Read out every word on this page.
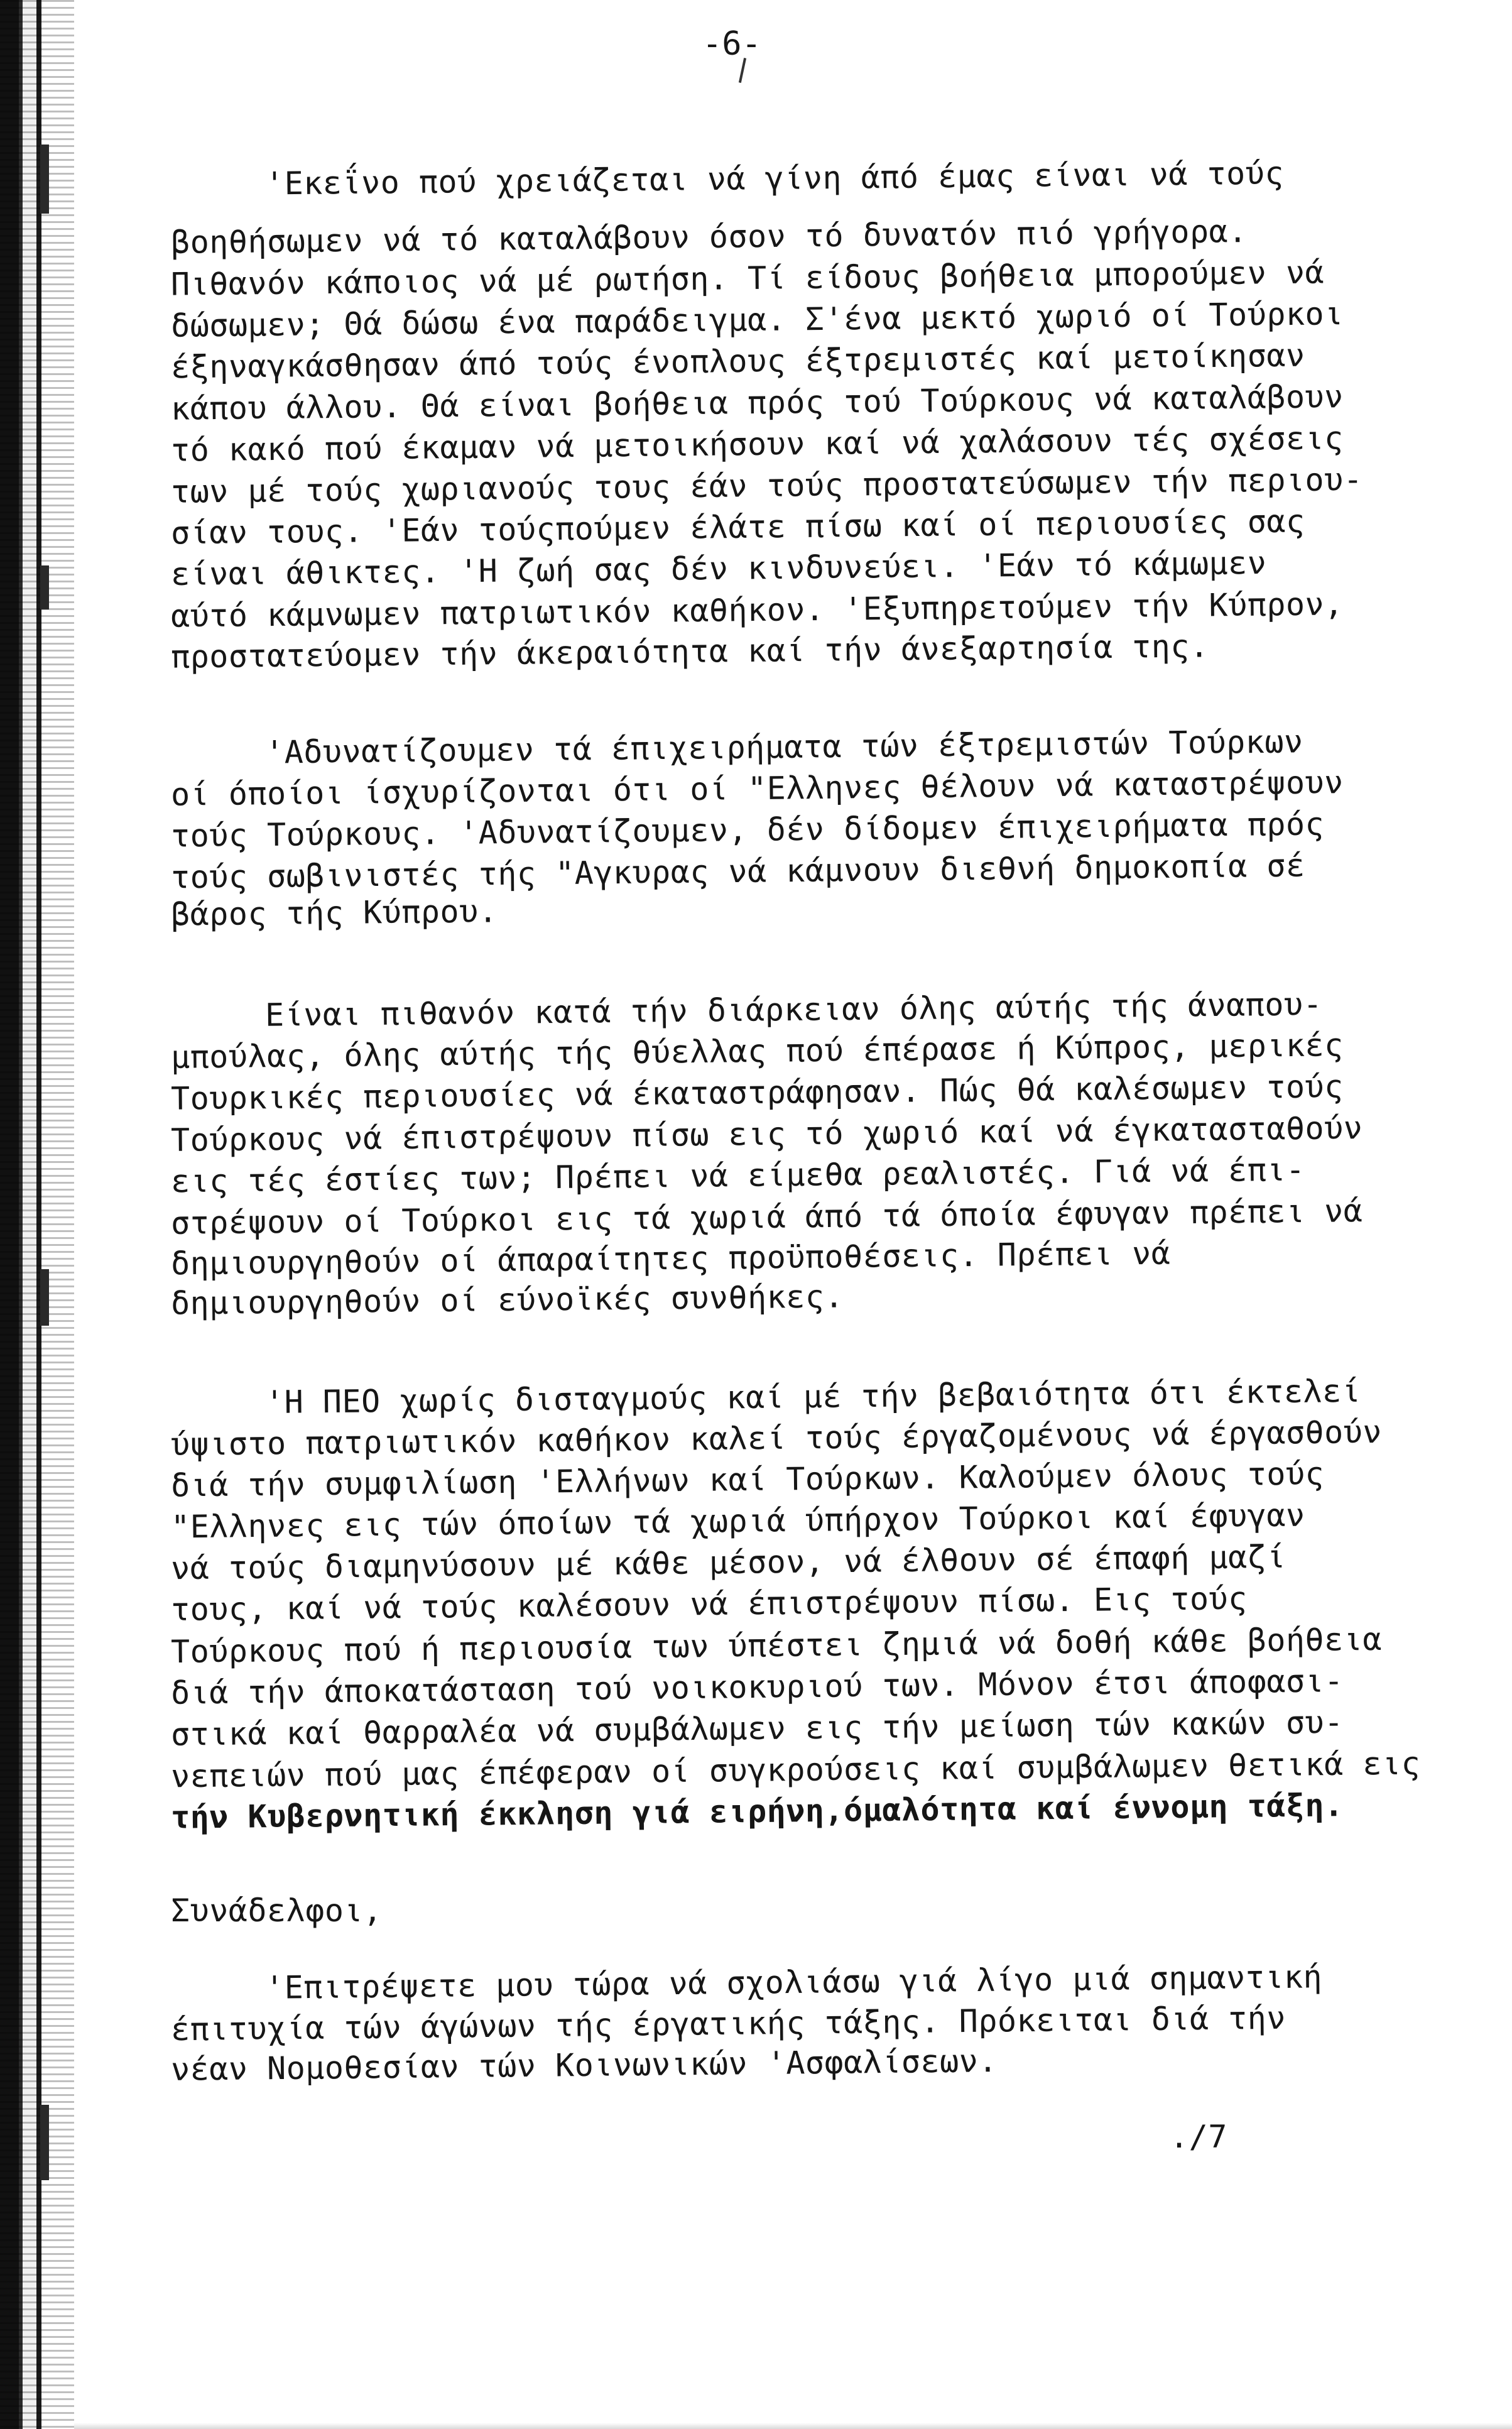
-6-
'Εκεΐνο πού χρειάζεται νά γίνη άπό έμας είναι νά τούς
βοηθήσωμεν νά τό καταλάβουν όσον τό δυνατόν πιό γρήγορα.
Πιθανόν κάποιος νά μέ ρωτήση. Τί είδους βοήθεια μπορούμεν νά
δώσωμεν; Θά δώσω ένα παράδειγμα. Σ'ένα μεκτό χωριό οί Τούρκοι
έξηναγκάσθησαν άπό τούς ένοπλους έξτρεμιστές καί μετοίκησαν
κάπου άλλου. Θά είναι βοήθεια πρός τού Τούρκους νά καταλάβουν
τό κακό πού έκαμαν νά μετοικήσουν καί νά χαλάσουν τές σχέσεις
των μέ τούς χωριανούς τους έάν τούς προστατεύσωμεν τήν περιου-
σίαν τους. 'Εάν τούςπούμεν έλάτε πίσω καί οί περιουσίες σας
είναι άθικτες. 'Η ζωή σας δέν κινδυνεύει. 'Εάν τό κάμωμεν
αύτό κάμνωμεν πατριωτικόν καθήκον. 'Εξυπηρετούμεν τήν Κύπρον,
προστατεύομεν τήν άκεραιότητα καί τήν άνεξαρτησία της.
'Αδυνατίζουμεν τά έπιχειρήματα τών έξτρεμιστών Τούρκων
οί όποίοι ίσχυρίζονται ότι οί "Ελληνες θέλουν νά καταστρέψουν
τούς Τούρκους. 'Αδυνατίζουμεν, δέν δίδομεν έπιχειρήματα πρός
τούς σωβινιστές τής "Αγκυρας νά κάμνουν διεθνή δημοκοπία σέ
βάρος τής Κύπρου.
Είναι πιθανόν κατά τήν διάρκειαν όλης αύτής τής άναπου-
μπούλας, όλης αύτής τής θύελλας πού έπέρασε ή Κύπρος, μερικές
Τουρκικές περιουσίες νά έκαταστράφησαν. Πώς θά καλέσωμεν τούς
Τούρκους νά έπιστρέψουν πίσω εις τό χωριό καί νά έγκατασταθούν
εις τές έστίες των; Πρέπει νά είμεθα ρεαλιστές. Γιά νά έπι-
στρέψουν οί Τούρκοι εις τά χωριά άπό τά όποία έφυγαν πρέπει νά
δημιουργηθούν οί άπαραίτητες προϋποθέσεις. Πρέπει νά
δημιουργηθούν οί εύνοϊκές συνθήκες.
'Η ΠΕΟ χωρίς δισταγμούς καί μέ τήν βεβαιότητα ότι έκτελεί
ύψιστο πατριωτικόν καθήκον καλεί τούς έργαζομένους νά έργασθούν
διά τήν συμφιλίωση 'Ελλήνων καί Τούρκων. Καλούμεν όλους τούς
"Ελληνες εις τών όποίων τά χωριά ύπήρχον Τούρκοι καί έφυγαν
νά τούς διαμηνύσουν μέ κάθε μέσον, νά έλθουν σέ έπαφή μαζί
τους, καί νά τούς καλέσουν νά έπιστρέψουν πίσω. Εις τούς
Τούρκους πού ή περιουσία των ύπέστει ζημιά νά δοθή κάθε βοήθεια
διά τήν άποκατάσταση τού νοικοκυριού των. Μόνον έτσι άποφασι-
στικά καί θαρραλέα νά συμβάλωμεν εις τήν μείωση τών κακών συ-
νεπειών πού μας έπέφεραν οί συγκρούσεις καί συμβάλωμεν θετικά εις
τήν Κυβερνητική έκκληση γιά ειρήνη,όμαλότητα καί έννομη τάξη.
Συνάδελφοι,
'Επιτρέψετε μου τώρα νά σχολιάσω γιά λίγο μιά σημαντική
έπιτυχία τών άγώνων τής έργατικής τάξης. Πρόκειται διά τήν
νέαν Νομοθεσίαν τών Κοινωνικών 'Ασφαλίσεων.
./7
